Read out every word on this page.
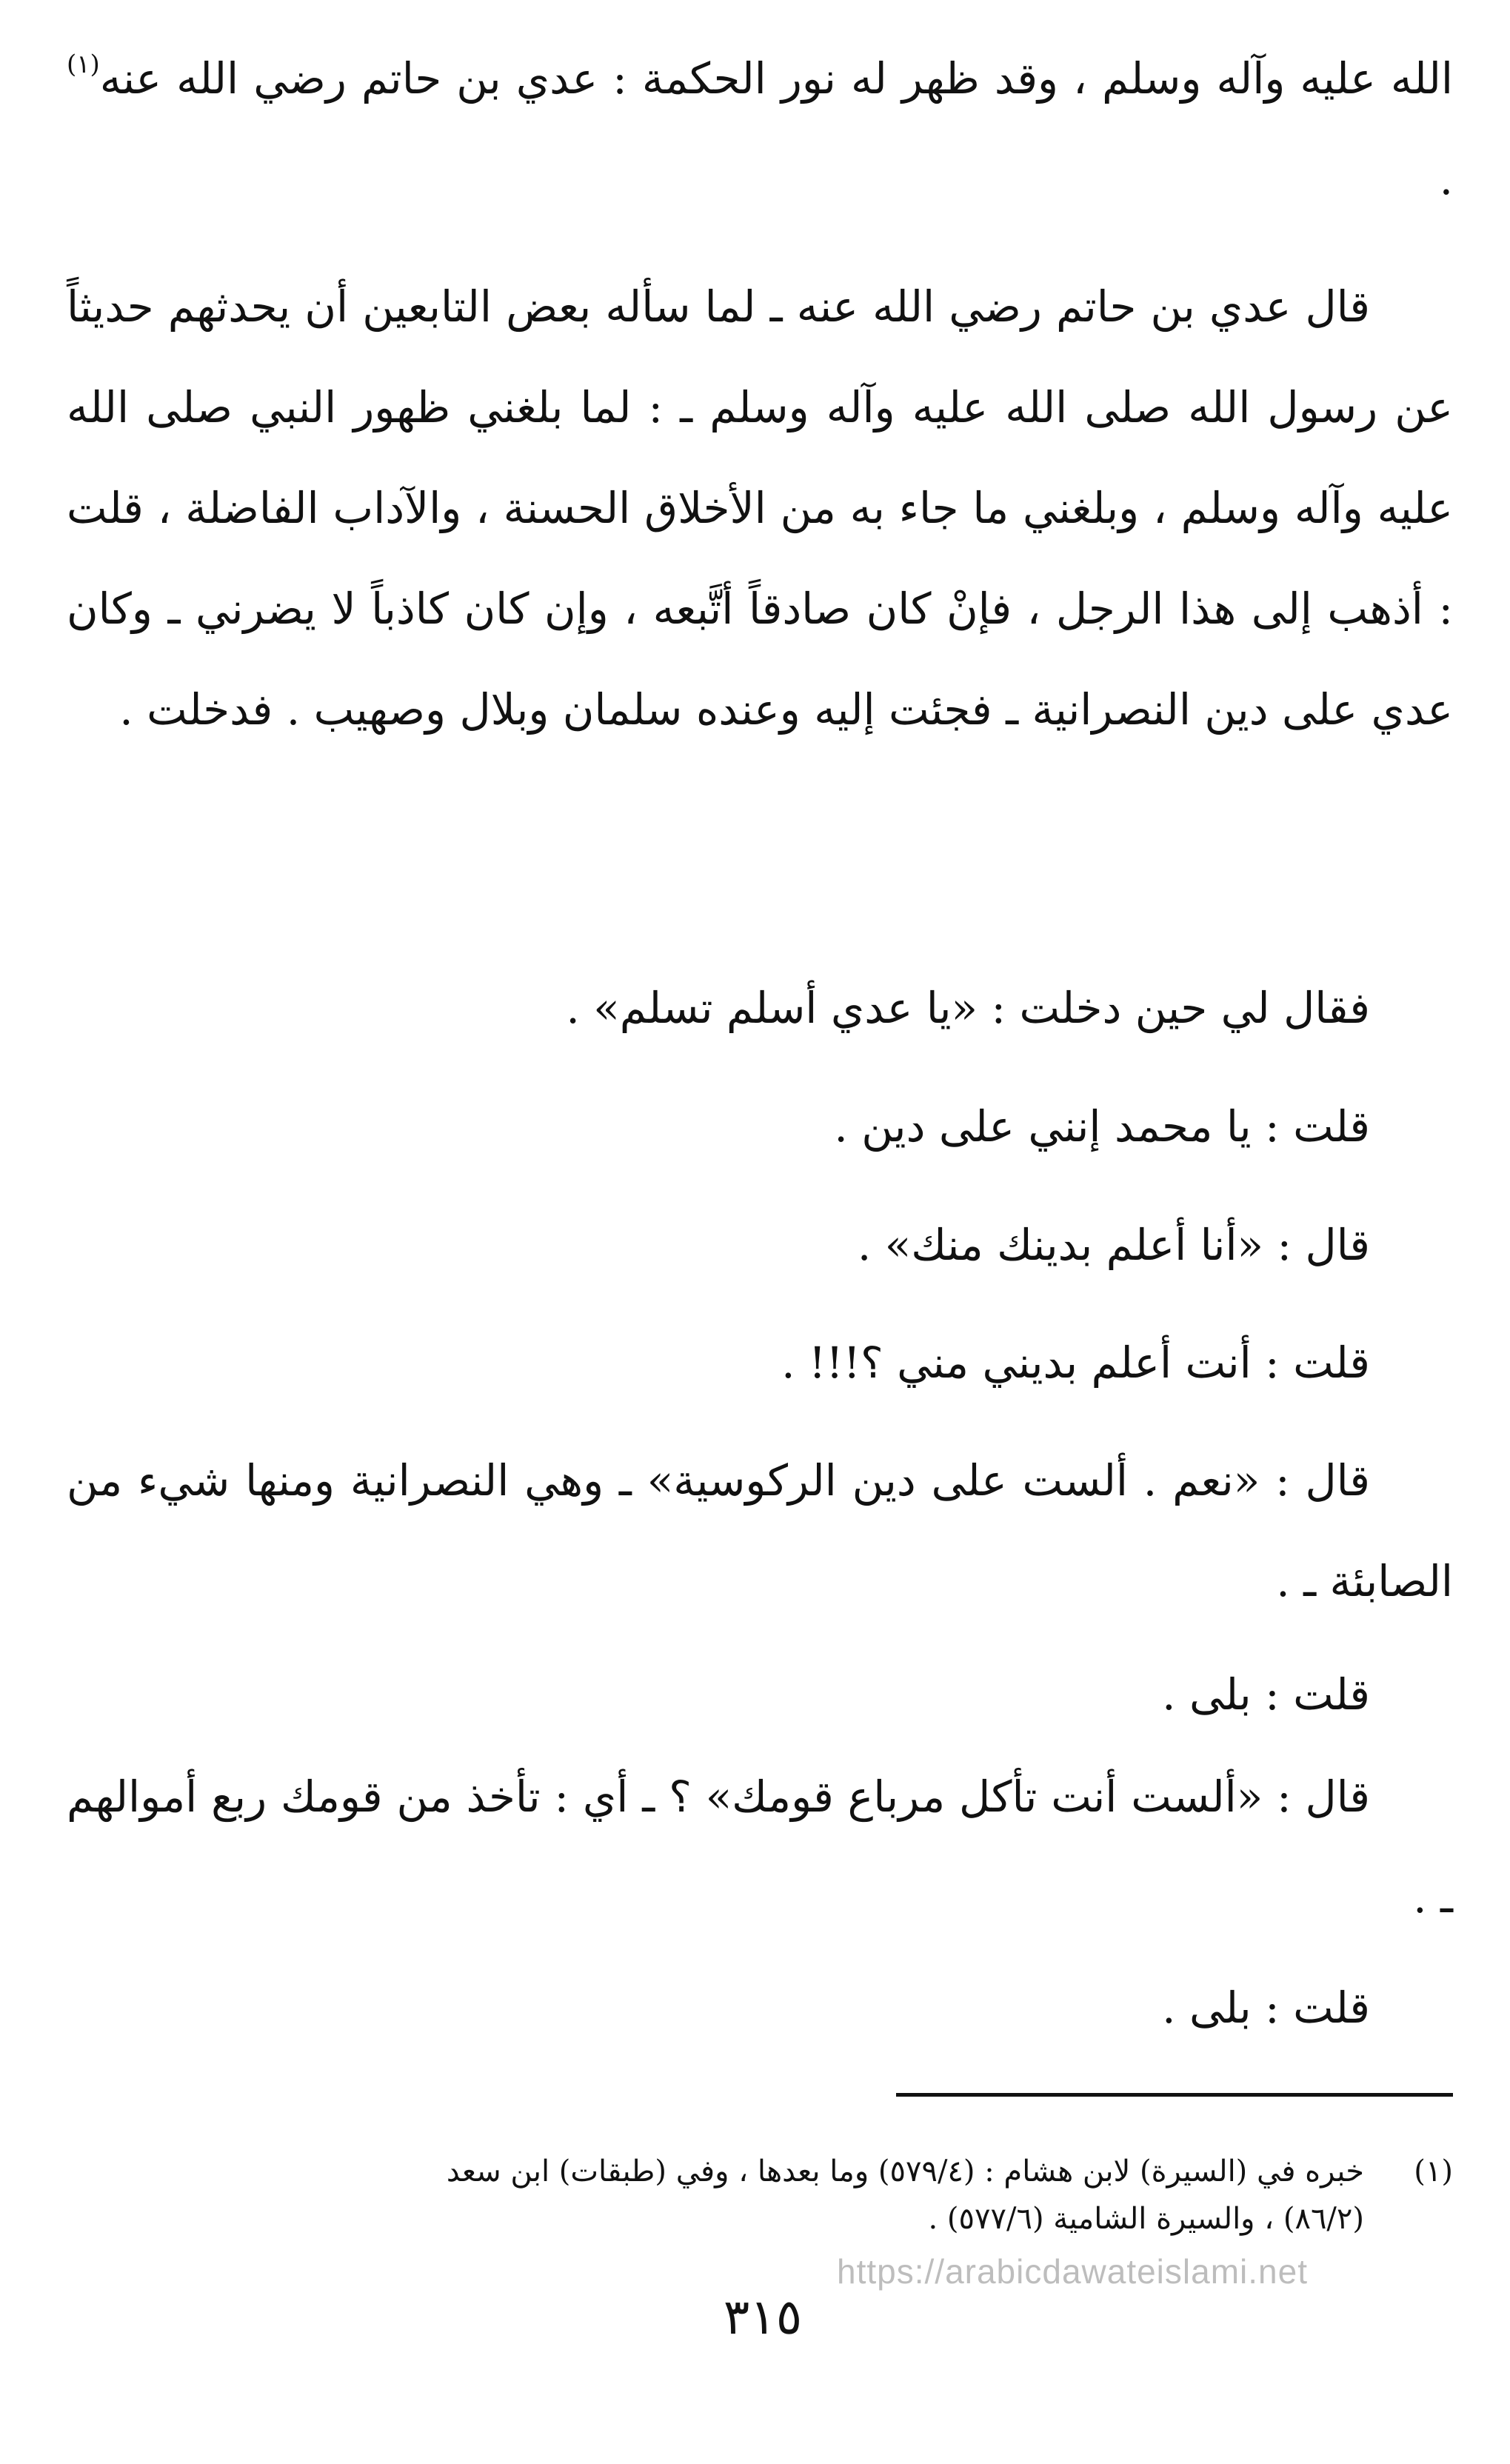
الله عليه وآله وسلم ، وقد ظهر له نور الحكمة : عدي بن حاتم رضي الله عنه$^{(١)}$ .

قال عدي بن حاتم رضي الله عنه ـ لما سأله بعض التابعين أن يحدثهم حديثاً عن رسول الله صلى الله عليه وآله وسلم ـ : لما بلغني ظهور النبي صلى الله عليه وآله وسلم ، وبلغني ما جاء به من الأخلاق الحسنة ، والآداب الفاضلة ، قلت : أذهب إلى هذا الرجل ، فإنْ كان صادقاً أتَّبعه ، وإن كان كاذباً لا يضرني ـ وكان عدي على دين النصرانية ـ فجئت إليه وعنده سلمان وبلال وصهيب . فدخلت .

فقال لي حين دخلت : «يا عدي أسلم تسلم» .

قلت : يا محمد إنني على دين .

قال : «أنا أعلم بدينك منك» .

قلت : أنت أعلم بديني مني ؟!!! .

قال : «نعم . ألست على دين الركوسية» ـ وهي النصرانية ومنها شيء من الصابئة ـ .

قلت : بلى .

قال : «ألست أنت تأكل مرباع قومك» ؟ ـ أي : تأخذ من قومك ربع أموالهم ـ .

قلت : بلى .

(١)خبره في (السيرة) لابن هشام : (٥٧٩/٤) وما بعدها ، وفي (طبقات) ابن سعد
(٨٦/٢) ، والسيرة الشامية (٥٧٧/٦) .
https://arabicdawateislami.net
٣١٥
